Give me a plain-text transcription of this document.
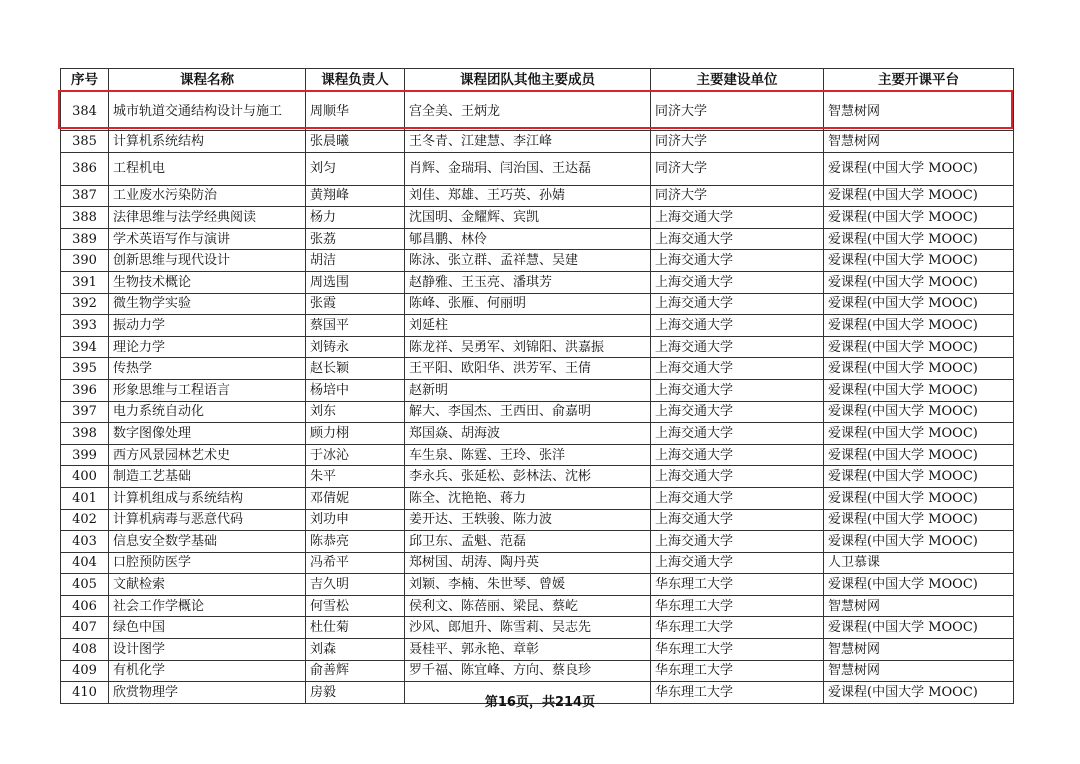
序号	课程名称	课程负责人	课程团队其他主要成员	主要建设单位	主要开课平台
384	城市轨道交通结构设计与施工	周顺华	宫全美、王炳龙	同济大学	智慧树网
385	计算机系统结构	张晨曦	王冬青、江建慧、李江峰	同济大学	智慧树网
386	工程机电	刘匀	肖辉、金瑞琄、闫治国、王达磊	同济大学	爱课程(中国大学 MOOC)
387	工业废水污染防治	黄翔峰	刘佳、郑雄、王巧英、孙婧	同济大学	爱课程(中国大学 MOOC)
388	法律思维与法学经典阅读	杨力	沈国明、金耀辉、宾凯	上海交通大学	爱课程(中国大学 MOOC)
389	学术英语写作与演讲	张荔	郇昌鹏、林伶	上海交通大学	爱课程(中国大学 MOOC)
390	创新思维与现代设计	胡洁	陈泳、张立群、孟祥慧、吴建	上海交通大学	爱课程(中国大学 MOOC)
391	生物技术概论	周选围	赵静雅、王玉亮、潘琪芳	上海交通大学	爱课程(中国大学 MOOC)
392	微生物学实验	张霞	陈峰、张雁、何丽明	上海交通大学	爱课程(中国大学 MOOC)
393	振动力学	蔡国平	刘延柱	上海交通大学	爱课程(中国大学 MOOC)
394	理论力学	刘铸永	陈龙祥、吴勇军、刘锦阳、洪嘉振	上海交通大学	爱课程(中国大学 MOOC)
395	传热学	赵长颖	王平阳、欧阳华、洪芳军、王倩	上海交通大学	爱课程(中国大学 MOOC)
396	形象思维与工程语言	杨培中	赵新明	上海交通大学	爱课程(中国大学 MOOC)
397	电力系统自动化	刘东	解大、李国杰、王西田、俞嘉明	上海交通大学	爱课程(中国大学 MOOC)
398	数字图像处理	顾力栩	郑国焱、胡海波	上海交通大学	爱课程(中国大学 MOOC)
399	西方风景园林艺术史	于冰沁	车生泉、陈霆、王玲、张洋	上海交通大学	爱课程(中国大学 MOOC)
400	制造工艺基础	朱平	李永兵、张延松、彭林法、沈彬	上海交通大学	爱课程(中国大学 MOOC)
401	计算机组成与系统结构	邓倩妮	陈全、沈艳艳、蒋力	上海交通大学	爱课程(中国大学 MOOC)
402	计算机病毒与恶意代码	刘功申	姜开达、王轶骏、陈力波	上海交通大学	爱课程(中国大学 MOOC)
403	信息安全数学基础	陈恭亮	邱卫东、孟魁、范磊	上海交通大学	爱课程(中国大学 MOOC)
404	口腔预防医学	冯希平	郑树国、胡涛、陶丹英	上海交通大学	人卫慕课
405	文献检索	吉久明	刘颖、李楠、朱世琴、曾媛	华东理工大学	爱课程(中国大学 MOOC)
406	社会工作学概论	何雪松	侯利文、陈蓓丽、梁昆、蔡屹	华东理工大学	智慧树网
407	绿色中国	杜仕菊	沙风、郎旭升、陈雪莉、吴志先	华东理工大学	爱课程(中国大学 MOOC)
408	设计图学	刘森	聂桂平、郭永艳、章彰	华东理工大学	智慧树网
409	有机化学	俞善辉	罗千福、陈宜峰、方向、蔡良珍	华东理工大学	智慧树网
410	欣赏物理学	房毅		华东理工大学	爱课程(中国大学 MOOC)
第16页，共214页
